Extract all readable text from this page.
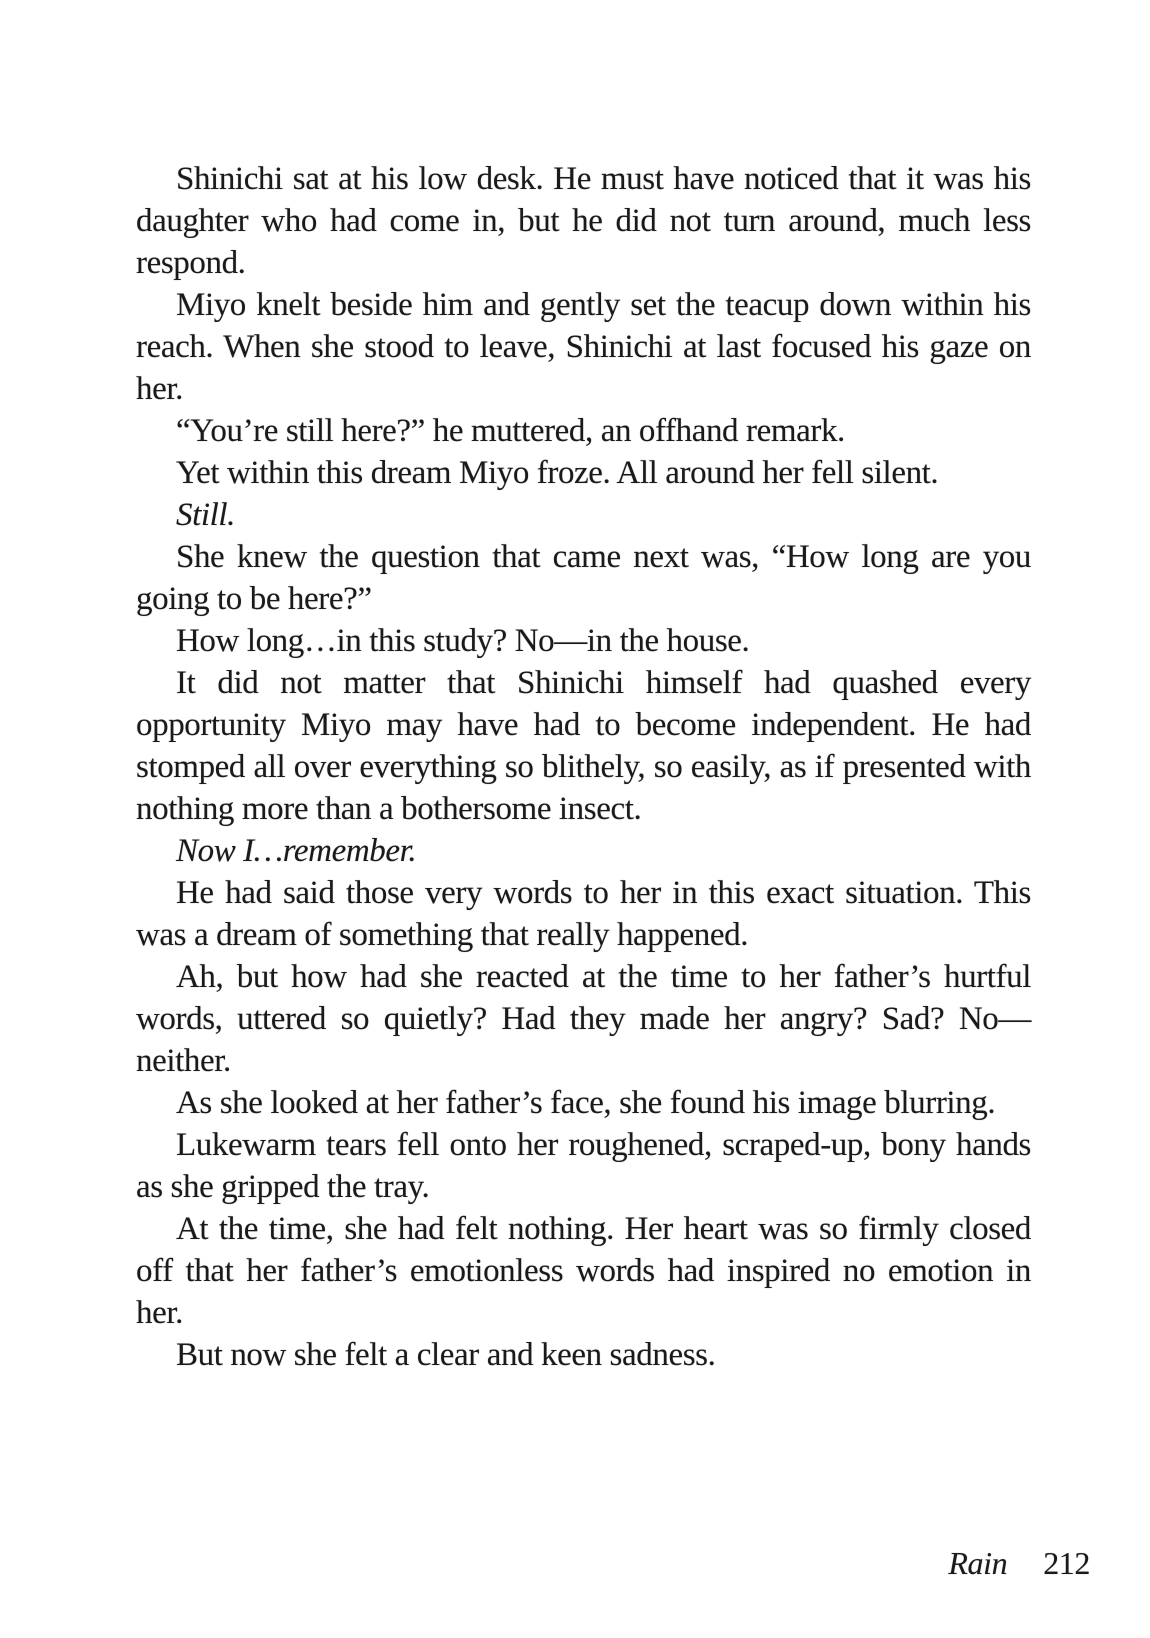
Shinichi sat at his low desk. He must have noticed that it was his daughter who had come in, but he did not turn around, much less respond.

Miyo knelt beside him and gently set the teacup down within his reach. When she stood to leave, Shinichi at last focused his gaze on her.

“You’re still here?” he muttered, an offhand remark.

Yet within this dream Miyo froze. All around her fell silent.

Still.

She knew the question that came next was, “How long are you going to be here?”

How long…in this study? No—in the house.

It did not matter that Shinichi himself had quashed every opportunity Miyo may have had to become independent. He had stomped all over everything so blithely, so easily, as if presented with nothing more than a bothersome insect.

Now I…remember.

He had said those very words to her in this exact situation. This was a dream of something that really happened.

Ah, but how had she reacted at the time to her father’s hurtful words, uttered so quietly? Had they made her angry? Sad? No—neither.

As she looked at her father’s face, she found his image blurring.

Lukewarm tears fell onto her roughened, scraped-up, bony hands as she gripped the tray.

At the time, she had felt nothing. Her heart was so firmly closed off that her father’s emotionless words had inspired no emotion in her.

But now she felt a clear and keen sadness.

Rain 212
